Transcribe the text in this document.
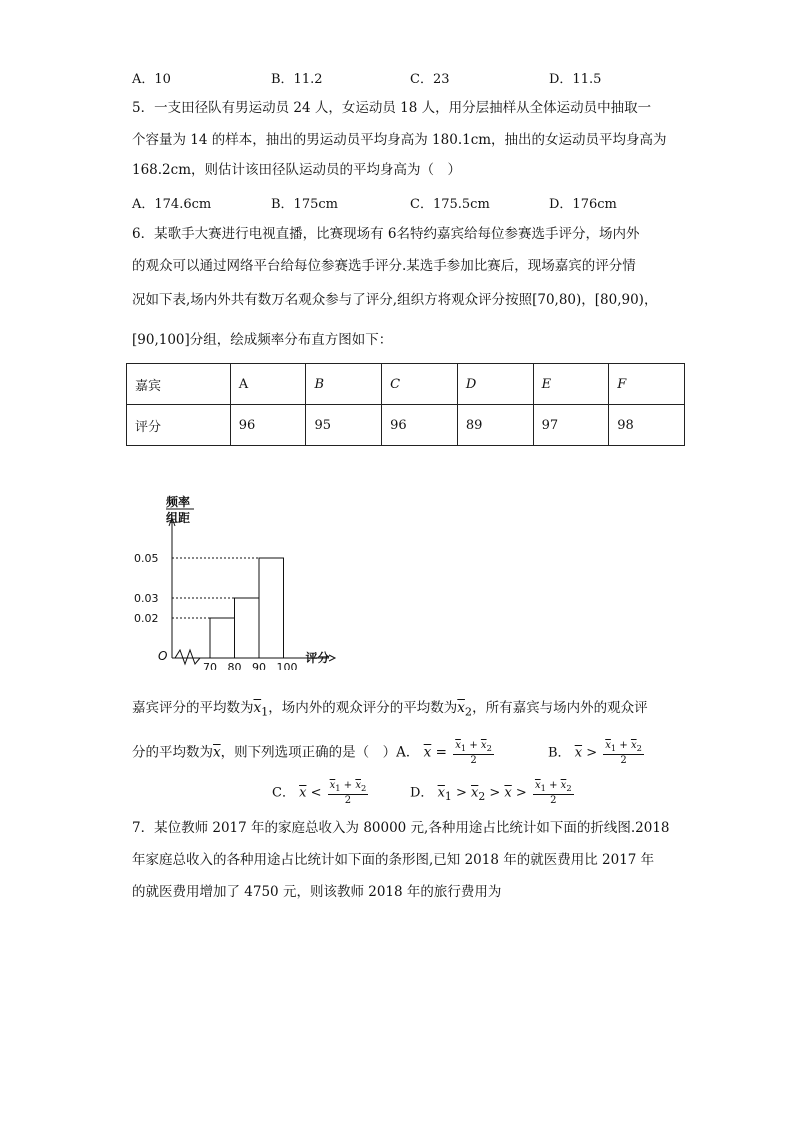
A．10	B．11.2	C．23	D．11.5
5．一支田径队有男运动员 24 人，女运动员 18 人，用分层抽样从全体运动员中抽取一
个容量为 14 的样本，抽出的男运动员平均身高为 180.1cm，抽出的女运动员平均身高为
168.2cm，则估计该田径队运动员的平均身高为（　）
A．174.6cm	B．175cm	C．175.5cm	D．176cm
6．某歌手大赛进行电视直播，比赛现场有 6名特约嘉宾给每位参赛选手评分，场内外
的观众可以通过网络平台给每位参赛选手评分.某选手参加比赛后，现场嘉宾的评分情
况如下表,场内外共有数万名观众参与了评分,组织方将观众评分按照[70,80)，[80,90)，
[90,100]分组，绘成频率分布直方图如下：
嘉宾	A	B	C	D	E	F
评分	96	95	96	89	97	98
O
频率
组距
0.02
0.03
0.05
70 80 90 100
评分
嘉宾评分的平均数为$\overline{x}_1$，场内外的观众评分的平均数为$\overline{x}_2$，所有嘉宾与场内外的观众评
分的平均数为$\overline{x}$，则下列选项正确的是（　）A． $\overline{x} = \frac{\overline{x}_1 + \overline{x}_2}{2}$	B． $\overline{x} > \frac{\overline{x}_1 + \overline{x}_2}{2}$
C． $\overline{x} < \frac{\overline{x}_1 + \overline{x}_2}{2}$	D． $\overline{x}_1 > \overline{x}_2 > \overline{x} > \frac{\overline{x}_1 + \overline{x}_2}{2}$
7．某位教师 2017 年的家庭总收入为 80000 元,各种用途占比统计如下面的折线图.2018
年家庭总收入的各种用途占比统计如下面的条形图,已知 2018 年的就医费用比 2017 年
的就医费用增加了 4750 元，则该教师 2018 年的旅行费用为
